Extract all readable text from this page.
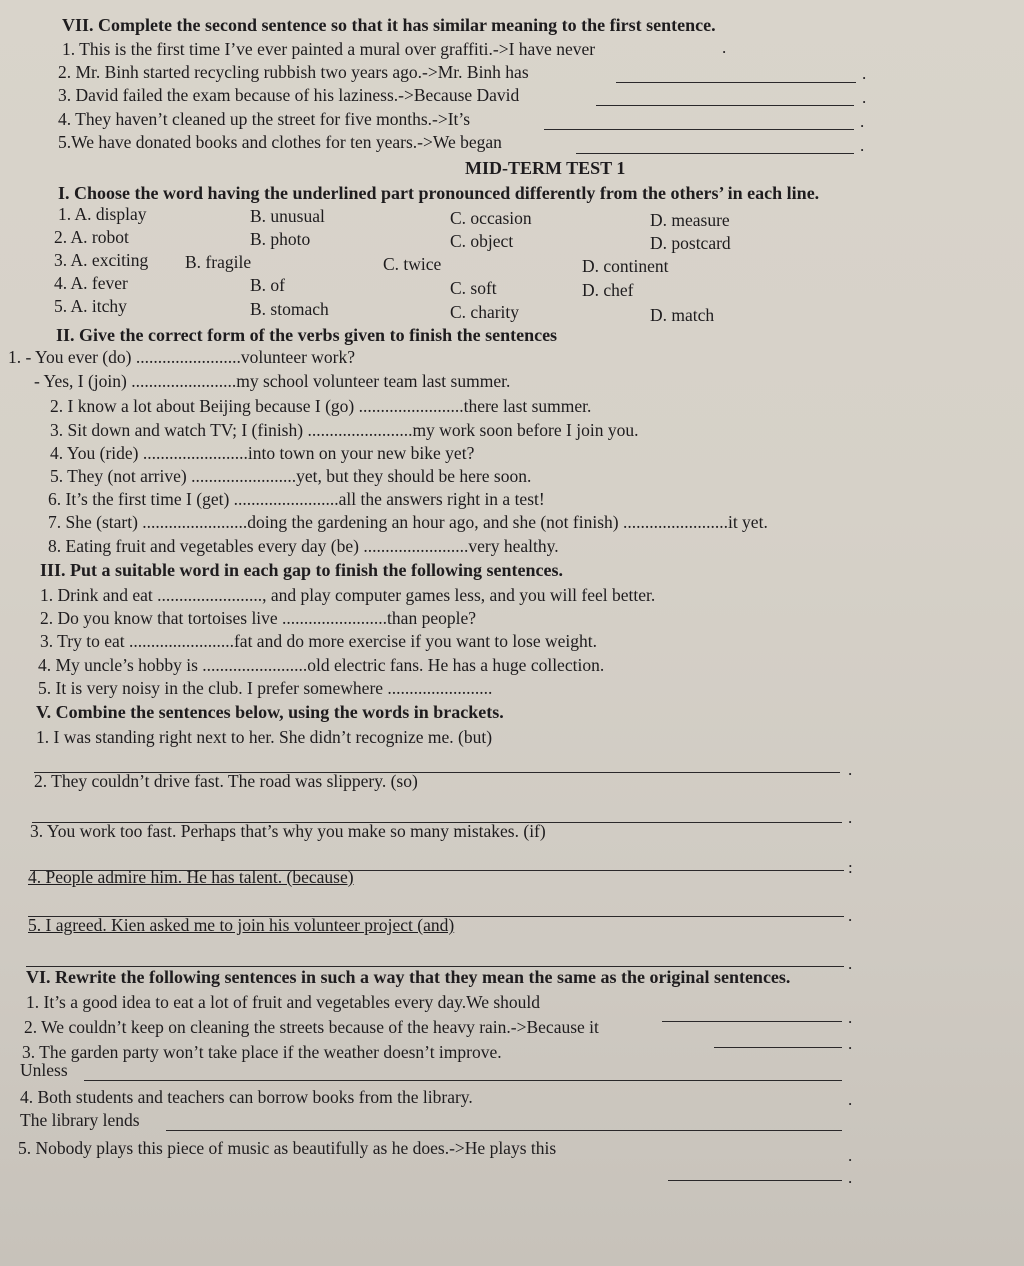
VII. Complete the second sentence so that it has similar meaning to the first sentence.
1. This is the first time I’ve ever painted a mural over graffiti.->I have never	.
2. Mr. Binh started recycling rubbish two years ago.->Mr. Binh has	.
3. David failed the exam because of his laziness.->Because David	.
4. They haven’t cleaned up the street for five months.->It’s	.
5.We have donated books and clothes for ten years.->We began	.
MID-TERM TEST 1
I. Choose the word having the underlined part pronounced differently from the others’ in each line.
1. A. display	B. unusual	C. occasion	D. measure
2. A. robot	B. photo	C. object	D. postcard
3. A. exciting B. fragile	C. twice	D. continent
4. A. fever	B. of	C. soft	D. chef
5. A. itchy	B. stomach	C. charity	D. match
II. Give the correct form of the verbs given to finish the sentences
1. - You ever (do) ........................volunteer work?
- Yes, I (join) ........................my school volunteer team last summer.
2. I know a lot about Beijing because I (go) ........................there last summer.
3. Sit down and watch TV; I (finish) ........................my work soon before I join you.
4. You (ride) ........................into town on your new bike yet?
5. They (not arrive) ........................yet, but they should be here soon.
6. It’s the first time I (get) ........................all the answers right in a test!
7. She (start) ........................doing the gardening an hour ago, and she (not finish) ........................it yet.
8. Eating fruit and vegetables every day (be) ........................very healthy.
III. Put a suitable word in each gap to finish the following sentences.
1. Drink and eat ........................, and play computer games less, and you will feel better.
2. Do you know that tortoises live ........................than people?
3. Try to eat ........................fat and do more exercise if you want to lose weight.
4. My uncle’s hobby is ........................old electric fans. He has a huge collection.
5. It is very noisy in the club. I prefer somewhere ........................
V. Combine the sentences below, using the words in brackets.
1. I was standing right next to her. She didn’t recognize me. (but)
.
2. They couldn’t drive fast. The road was slippery. (so)
.
3. You work too fast. Perhaps that’s why you make so many mistakes. (if)
:
4. People admire him. He has talent. (because)
.
5. I agreed. Kien asked me to join his volunteer project (and)
.
VI. Rewrite the following sentences in such a way that they mean the same as the original sentences.
1. It’s a good idea to eat a lot of fruit and vegetables every day.We should
.
2. We couldn’t keep on cleaning the streets because of the heavy rain.->Because it
.
3. The garden party won’t take place if the weather doesn’t improve.
Unless
.
4. Both students and teachers can borrow books from the library.
The library lends
.
5. Nobody plays this piece of music as beautifully as he does.->He plays this
.
